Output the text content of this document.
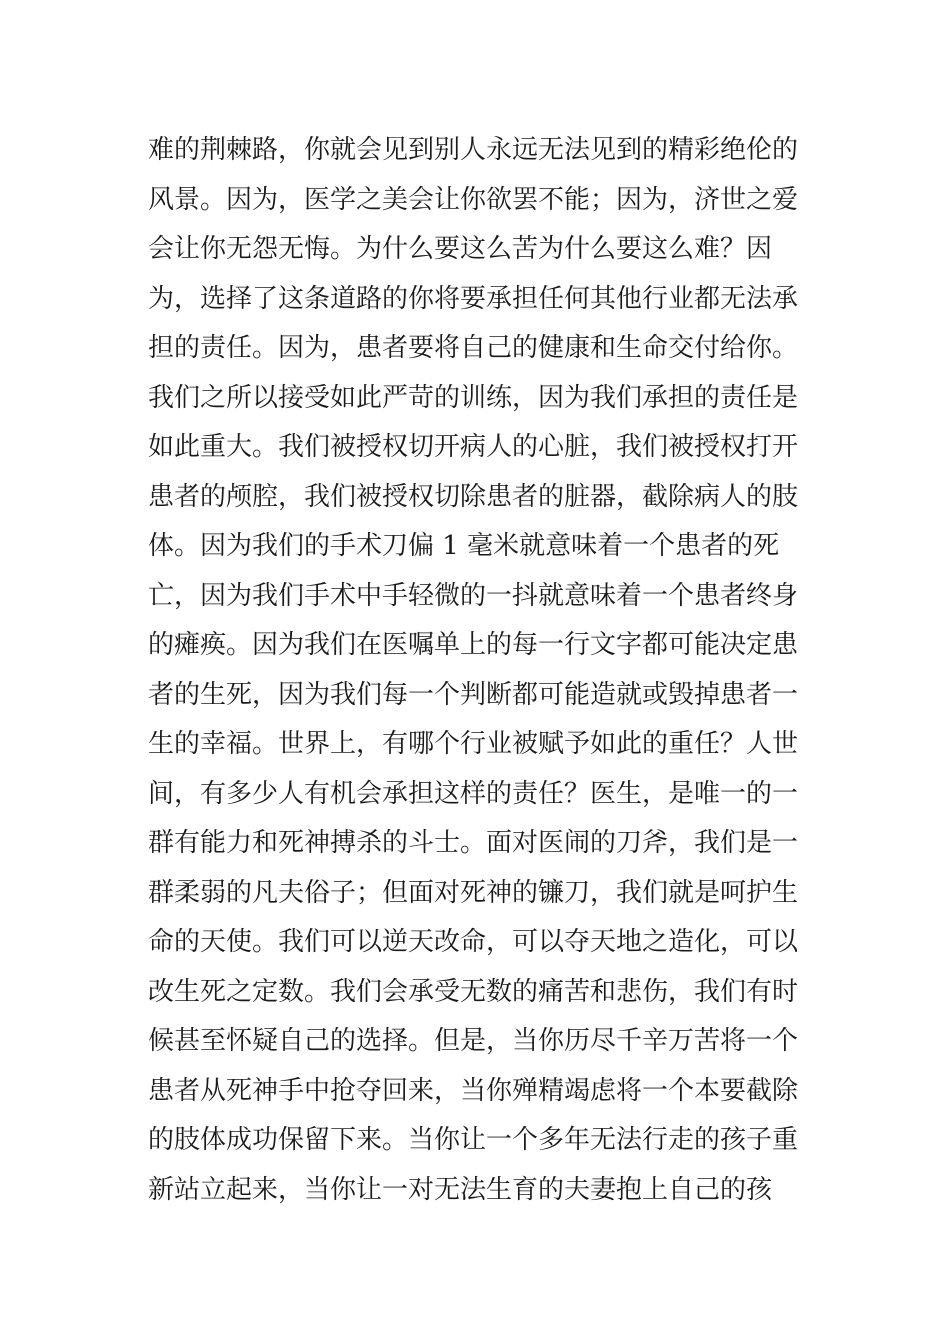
难的荆棘路，你就会见到别人永远无法见到的精彩绝伦的
风景。因为，医学之美会让你欲罢不能；因为，济世之爱
会让你无怨无悔。为什么要这么苦为什么要这么难？因
为，选择了这条道路的你将要承担任何其他行业都无法承
担的责任。因为，患者要将自己的健康和生命交付给你。
我们之所以接受如此严苛的训练，因为我们承担的责任是
如此重大。我们被授权切开病人的心脏，我们被授权打开
患者的颅腔，我们被授权切除患者的脏器，截除病人的肢
体。因为我们的手术刀偏 1 毫米就意味着一个患者的死
亡，因为我们手术中手轻微的一抖就意味着一个患者终身
的瘫痪。因为我们在医嘱单上的每一行文字都可能决定患
者的生死，因为我们每一个判断都可能造就或毁掉患者一
生的幸福。世界上，有哪个行业被赋予如此的重任？人世
间，有多少人有机会承担这样的责任？医生，是唯一的一
群有能力和死神搏杀的斗士。面对医闹的刀斧，我们是一
群柔弱的凡夫俗子；但面对死神的镰刀，我们就是呵护生
命的天使。我们可以逆天改命，可以夺天地之造化，可以
改生死之定数。我们会承受无数的痛苦和悲伤，我们有时
候甚至怀疑自己的选择。但是，当你历尽千辛万苦将一个
患者从死神手中抢夺回来，当你殚精竭虑将一个本要截除
的肢体成功保留下来。当你让一个多年无法行走的孩子重
新站立起来，当你让一对无法生育的夫妻抱上自己的孩
